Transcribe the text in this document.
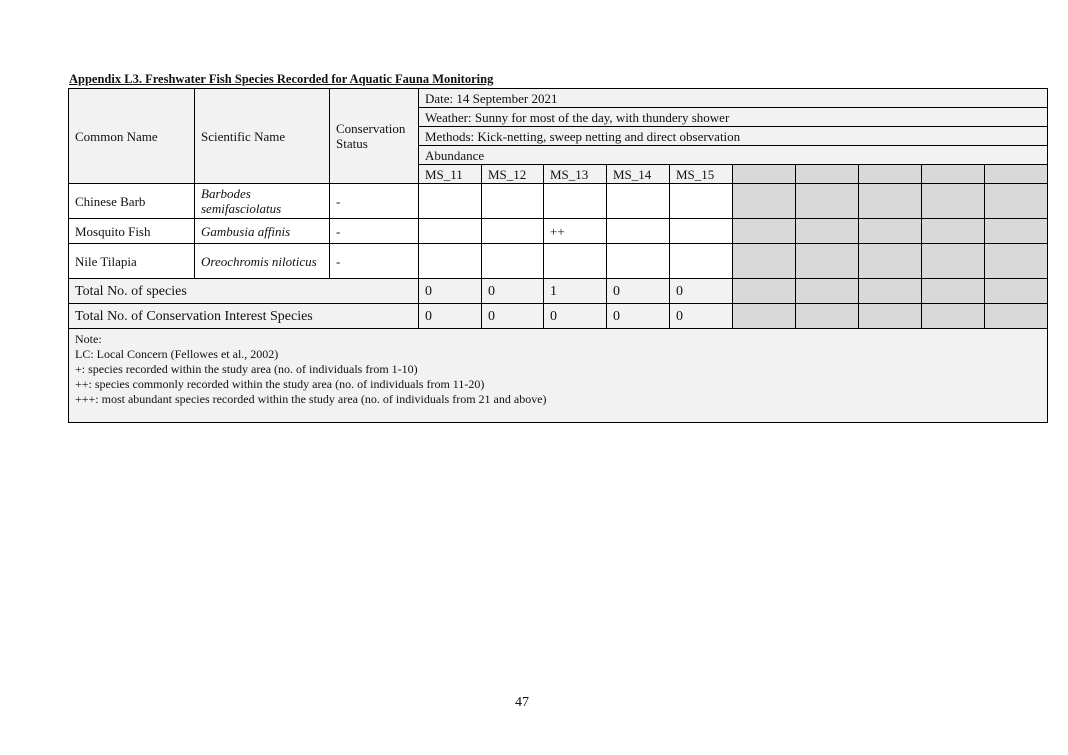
Appendix L3. Freshwater Fish Species Recorded for Aquatic Fauna Monitoring
Common Name	Scientific Name	Conservation Status	Date: 14 September 2021									
			Weather: Sunny for most of the day, with thundery shower									
			Methods: Kick-netting, sweep netting and direct observation									
			Abundance									
			MS_11	MS_12	MS_13	MS_14	MS_15					
Chinese Barb	Barbodes semifasciolatus	-										
Mosquito Fish	Gambusia affinis	-			++							
Nile Tilapia	Oreochromis niloticus	-										
Total No. of species			0	0	1	0	0					
Total No. of Conservation Interest Species			0	0	0	0	0					

Note:
LC: Local Concern (Fellowes et al., 2002)
+: species recorded within the study area (no. of individuals from 1-10)
++: species commonly recorded within the study area (no. of individuals from 11-20)
+++: most abundant species recorded within the study area (no. of individuals from 21 and above)												
47
